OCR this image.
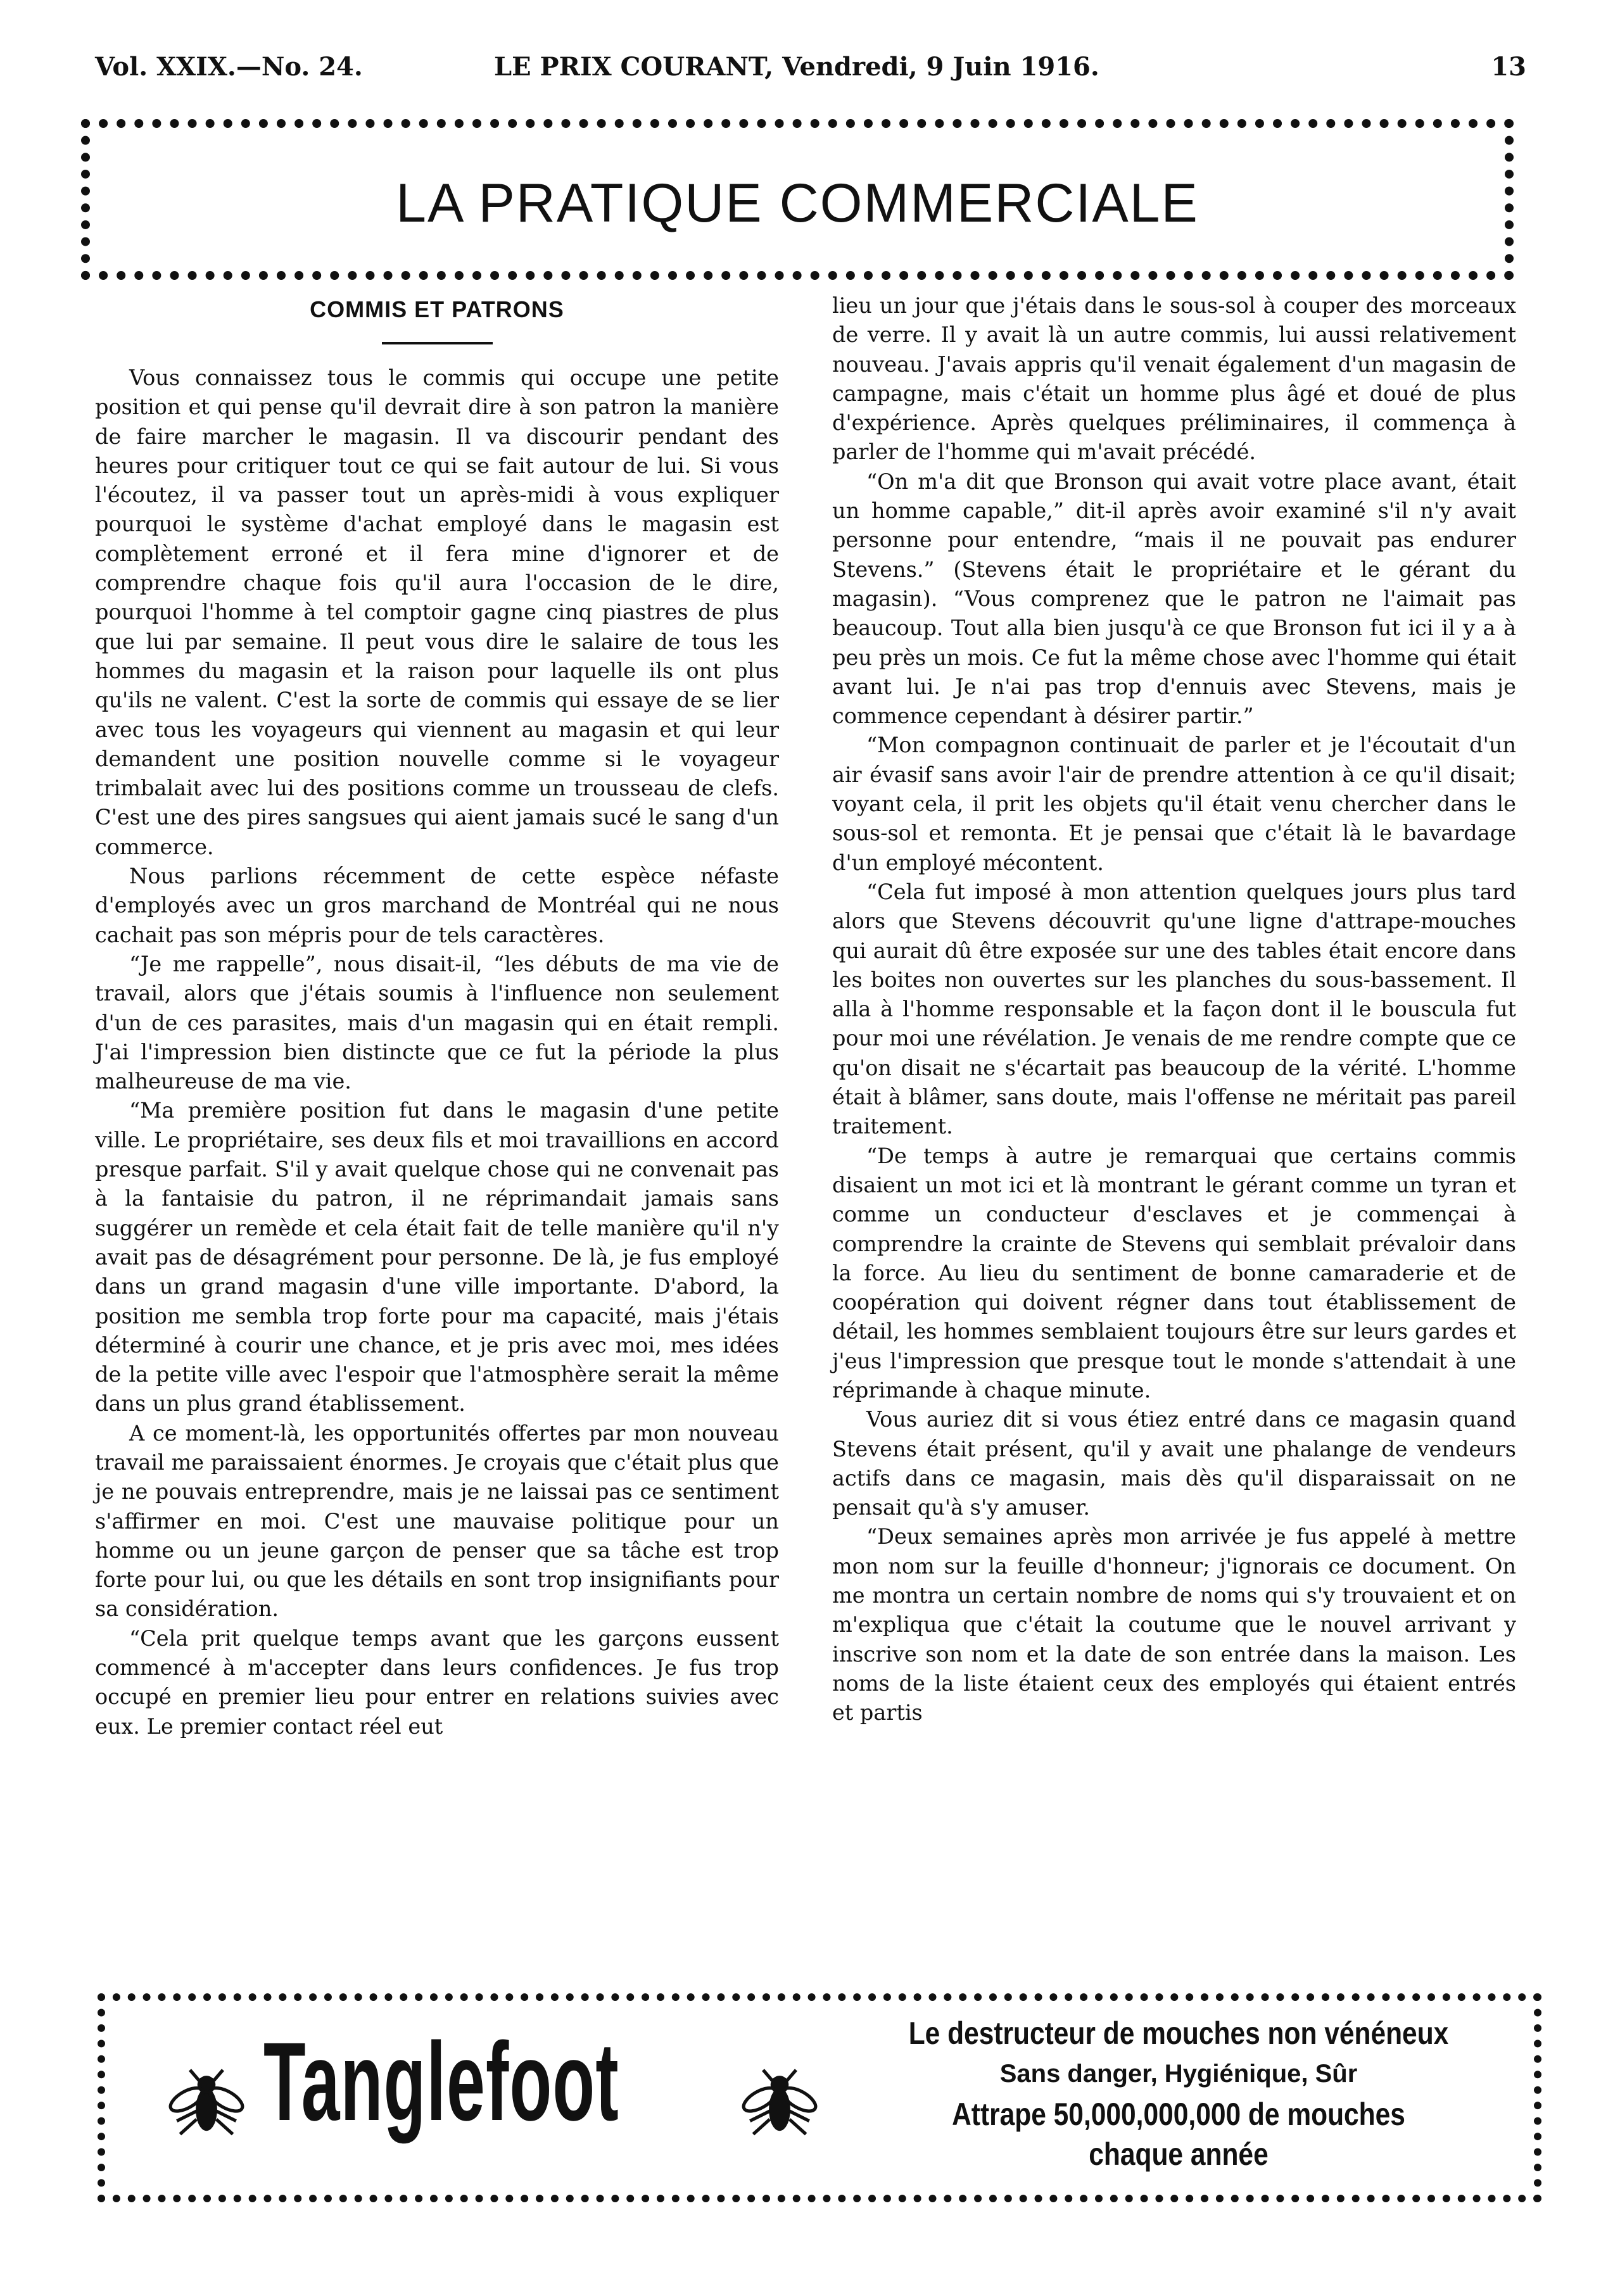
Vol. XXIX.—No. 24.	LE PRIX COURANT, Vendredi, 9 Juin 1916.	13
LA PRATIQUE COMMERCIALE
COMMIS ET PATRONS

Vous connaissez tous le commis qui occupe une petite position et qui pense qu'il devrait dire à son patron la manière de faire marcher le magasin. Il va discourir pendant des heures pour critiquer tout ce qui se fait autour de lui. Si vous l'écoutez, il va passer tout un après-midi à vous expliquer pourquoi le système d'achat employé dans le magasin est complètement erroné et il fera mine d'ignorer et de comprendre chaque fois qu'il aura l'occasion de le dire, pourquoi l'homme à tel comptoir gagne cinq piastres de plus que lui par semaine. Il peut vous dire le salaire de tous les hommes du magasin et la raison pour laquelle ils ont plus qu'ils ne valent. C'est la sorte de commis qui essaye de se lier avec tous les voyageurs qui viennent au magasin et qui leur demandent une position nouvelle comme si le voyageur trimbalait avec lui des positions comme un trousseau de clefs. C'est une des pires sangsues qui aient jamais sucé le sang d'un commerce.

Nous parlions récemment de cette espèce néfaste d'employés avec un gros marchand de Montréal qui ne nous cachait pas son mépris pour de tels caractères.

“Je me rappelle”, nous disait-il, “les débuts de ma vie de travail, alors que j'étais soumis à l'influence non seulement d'un de ces parasites, mais d'un magasin qui en était rempli. J'ai l'impression bien distincte que ce fut la période la plus malheureuse de ma vie.

“Ma première position fut dans le magasin d'une petite ville. Le propriétaire, ses deux fils et moi travaillions en accord presque parfait. S'il y avait quelque chose qui ne convenait pas à la fantaisie du patron, il ne réprimandait jamais sans suggérer un remède et cela était fait de telle manière qu'il n'y avait pas de désagrément pour personne. De là, je fus employé dans un grand magasin d'une ville importante. D'abord, la position me sembla trop forte pour ma capacité, mais j'étais déterminé à courir une chance, et je pris avec moi, mes idées de la petite ville avec l'espoir que l'atmosphère serait la même dans un plus grand établissement.

A ce moment-là, les opportunités offertes par mon nouveau travail me paraissaient énormes. Je croyais que c'était plus que je ne pouvais entreprendre, mais je ne laissai pas ce sentiment s'affirmer en moi. C'est une mauvaise politique pour un homme ou un jeune garçon de penser que sa tâche est trop forte pour lui, ou que les détails en sont trop insignifiants pour sa considération.

“Cela prit quelque temps avant que les garçons eussent commencé à m'accepter dans leurs confidences. Je fus trop occupé en premier lieu pour entrer en relations suivies avec eux. Le premier contact réel eut

lieu un jour que j'étais dans le sous-sol à couper des morceaux de verre. Il y avait là un autre commis, lui aussi relativement nouveau. J'avais appris qu'il venait également d'un magasin de campagne, mais c'était un homme plus âgé et doué de plus d'expérience. Après quelques préliminaires, il commença à parler de l'homme qui m'avait précédé.

“On m'a dit que Bronson qui avait votre place avant, était un homme capable,” dit-il après avoir examiné s'il n'y avait personne pour entendre, “mais il ne pouvait pas endurer Stevens.” (Stevens était le propriétaire et le gérant du magasin). “Vous comprenez que le patron ne l'aimait pas beaucoup. Tout alla bien jusqu'à ce que Bronson fut ici il y a à peu près un mois. Ce fut la même chose avec l'homme qui était avant lui. Je n'ai pas trop d'ennuis avec Stevens, mais je commence cependant à désirer partir.”

“Mon compagnon continuait de parler et je l'écoutait d'un air évasif sans avoir l'air de prendre attention à ce qu'il disait; voyant cela, il prit les objets qu'il était venu chercher dans le sous-sol et remonta. Et je pensai que c'était là le bavardage d'un employé mécontent.

“Cela fut imposé à mon attention quelques jours plus tard alors que Stevens découvrit qu'une ligne d'attrape-mouches qui aurait dû être exposée sur une des tables était encore dans les boites non ouvertes sur les planches du sous-bassement. Il alla à l'homme responsable et la façon dont il le bouscula fut pour moi une révélation. Je venais de me rendre compte que ce qu'on disait ne s'écartait pas beaucoup de la vérité. L'homme était à blâmer, sans doute, mais l'offense ne méritait pas pareil traitement.

“De temps à autre je remarquai que certains commis disaient un mot ici et là montrant le gérant comme un tyran et comme un conducteur d'esclaves et je commençai à comprendre la crainte de Stevens qui semblait prévaloir dans la force. Au lieu du sentiment de bonne camaraderie et de coopération qui doivent régner dans tout établissement de détail, les hommes semblaient toujours être sur leurs gardes et j'eus l'impression que presque tout le monde s'attendait à une réprimande à chaque minute.

Vous auriez dit si vous étiez entré dans ce magasin quand Stevens était présent, qu'il y avait une phalange de vendeurs actifs dans ce magasin, mais dès qu'il disparaissait on ne pensait qu'à s'y amuser.

“Deux semaines après mon arrivée je fus appelé à mettre mon nom sur la feuille d'honneur; j'ignorais ce document. On me montra un certain nombre de noms qui s'y trouvaient et on m'expliqua que c'était la coutume que le nouvel arrivant y inscrive son nom et la date de son entrée dans la maison. Les noms de la liste étaient ceux des employés qui étaient entrés et partis

Tanglefoot	Le destructeur de mouches non vénéneux
Sans danger, Hygiénique, Sûr
Attrape 50,000,000,000 de mouches
chaque année
